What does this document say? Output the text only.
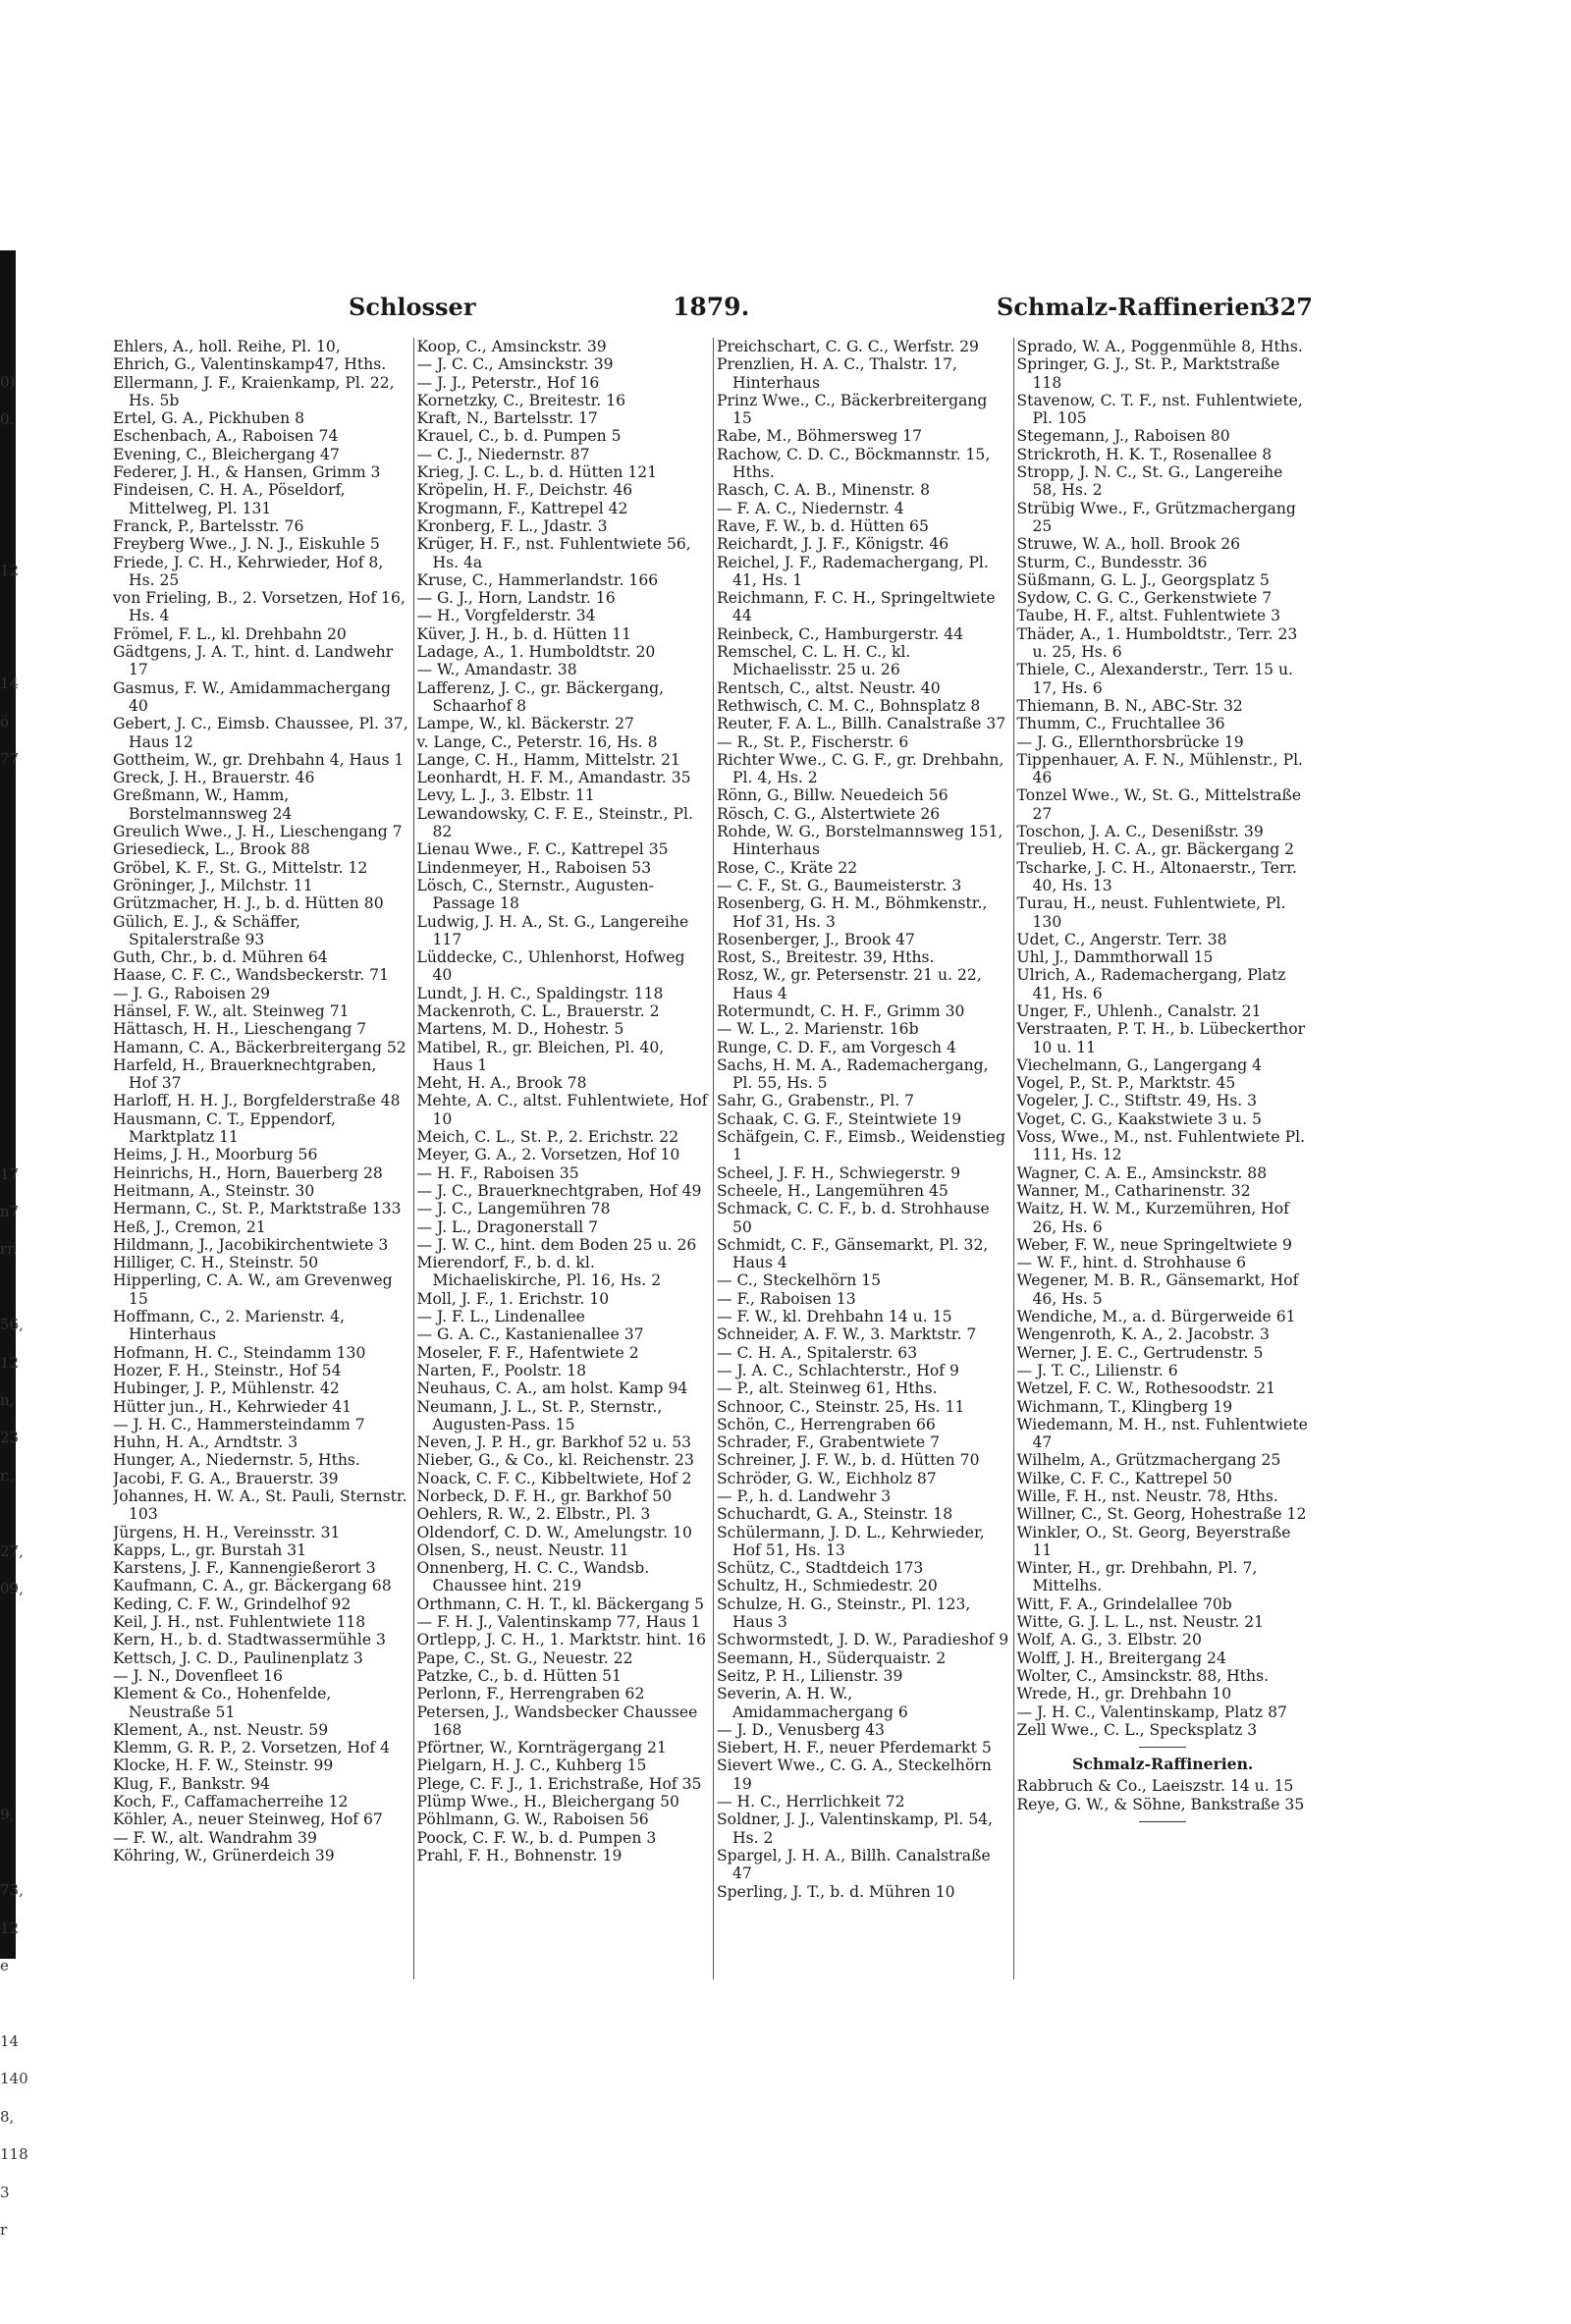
0)
0.

12

14
ö
77

17
n7
rr.

56,
12
n,
23
r.,

27,
09,

9,

73,
12
e

14
140
8,
118
3
r

Schlosser	1879.	Schmalz-Raffinerien
327
Ehlers, A., holl. Reihe, Pl. 10,
Ehrich, G., Valentinskamp47, Hths.
Ellermann, J. F., Kraienkamp, Pl. 22, Hs. 5b
Ertel, G. A., Pickhuben 8
Eschenbach, A., Raboisen 74
Evening, C., Bleichergang 47
Federer, J. H., & Hansen, Grimm 3
Findeisen, C. H. A., Pöseldorf, Mittelweg, Pl. 131
Franck, P., Bartelsstr. 76
Freyberg Wwe., J. N. J., Eiskuhle 5
Friede, J. C. H., Kehrwieder, Hof 8, Hs. 25
von Frieling, B., 2. Vorsetzen, Hof 16, Hs. 4
Frömel, F. L., kl. Drehbahn 20
Gädtgens, J. A. T., hint. d. Landwehr 17
Gasmus, F. W., Amidammachergang 40
Gebert, J. C., Eimsb. Chaussee, Pl. 37, Haus 12
Gottheim, W., gr. Drehbahn 4, Haus 1
Greck, J. H., Brauerstr. 46
Greßmann, W., Hamm, Borstelmannsweg 24
Greulich Wwe., J. H., Lieschengang 7
Griesedieck, L., Brook 88
Gröbel, K. F., St. G., Mittelstr. 12
Gröninger, J., Milchstr. 11
Grützmacher, H. J., b. d. Hütten 80
Gülich, E. J., & Schäffer, Spitalerstraße 93
Guth, Chr., b. d. Mühren 64
Haase, C. F. C., Wandsbeckerstr. 71
— J. G., Raboisen 29
Hänsel, F. W., alt. Steinweg 71
Hättasch, H. H., Lieschengang 7
Hamann, C. A., Bäckerbreitergang 52
Harfeld, H., Brauerknechtgraben, Hof 37
Harloff, H. H. J., Borgfelderstraße 48
Hausmann, C. T., Eppendorf, Marktplatz 11
Heims, J. H., Moorburg 56
Heinrichs, H., Horn, Bauerberg 28
Heitmann, A., Steinstr. 30
Hermann, C., St. P., Marktstraße 133
Heß, J., Cremon, 21
Hildmann, J., Jacobikirchentwiete 3
Hilliger, C. H., Steinstr. 50
Hipperling, C. A. W., am Grevenweg 15
Hoffmann, C., 2. Marienstr. 4, Hinterhaus
Hofmann, H. C., Steindamm 130
Hozer, F. H., Steinstr., Hof 54
Hubinger, J. P., Mühlenstr. 42
Hütter jun., H., Kehrwieder 41
— J. H. C., Hammersteindamm 7
Huhn, H. A., Arndtstr. 3
Hunger, A., Niedernstr. 5, Hths.
Jacobi, F. G. A., Brauerstr. 39
Johannes, H. W. A., St. Pauli, Sternstr. 103
Jürgens, H. H., Vereinsstr. 31
Kapps, L., gr. Burstah 31
Karstens, J. F., Kannengießerort 3
Kaufmann, C. A., gr. Bäckergang 68
Keding, C. F. W., Grindelhof 92
Keil, J. H., nst. Fuhlentwiete 118
Kern, H., b. d. Stadtwassermühle 3
Kettsch, J. C. D., Paulinenplatz 3
— J. N., Dovenfleet 16
Klement & Co., Hohenfelde, Neustraße 51
Klement, A., nst. Neustr. 59
Klemm, G. R. P., 2. Vorsetzen, Hof 4
Klocke, H. F. W., Steinstr. 99
Klug, F., Bankstr. 94
Koch, F., Caffamacherreihe 12
Köhler, A., neuer Steinweg, Hof 67
— F. W., alt. Wandrahm 39
Köhring, W., Grünerdeich 39
Koop, C., Amsinckstr. 39
— J. C. C., Amsinckstr. 39
— J. J., Peterstr., Hof 16
Kornetzky, C., Breitestr. 16
Kraft, N., Bartelsstr. 17
Krauel, C., b. d. Pumpen 5
— C. J., Niedernstr. 87
Krieg, J. C. L., b. d. Hütten 121
Kröpelin, H. F., Deichstr. 46
Krogmann, F., Kattrepel 42
Kronberg, F. L., Jdastr. 3
Krüger, H. F., nst. Fuhlentwiete 56, Hs. 4a
Kruse, C., Hammerlandstr. 166
— G. J., Horn, Landstr. 16
— H., Vorgfelderstr. 34
Küver, J. H., b. d. Hütten 11
Ladage, A., 1. Humboldtstr. 20
— W., Amandastr. 38
Lafferenz, J. C., gr. Bäckergang, Schaarhof 8
Lampe, W., kl. Bäckerstr. 27
v. Lange, C., Peterstr. 16, Hs. 8
Lange, C. H., Hamm, Mittelstr. 21
Leonhardt, H. F. M., Amandastr. 35
Levy, L. J., 3. Elbstr. 11
Lewandowsky, C. F. E., Steinstr., Pl. 82
Lienau Wwe., F. C., Kattrepel 35
Lindenmeyer, H., Raboisen 53
Lösch, C., Sternstr., Augusten-Passage 18
Ludwig, J. H. A., St. G., Langereihe 117
Lüddecke, C., Uhlenhorst, Hofweg 40
Lundt, J. H. C., Spaldingstr. 118
Mackenroth, C. L., Brauerstr. 2
Martens, M. D., Hohestr. 5
Matibel, R., gr. Bleichen, Pl. 40, Haus 1
Meht, H. A., Brook 78
Mehte, A. C., altst. Fuhlentwiete, Hof 10
Meich, C. L., St. P., 2. Erichstr. 22
Meyer, G. A., 2. Vorsetzen, Hof 10
— H. F., Raboisen 35
— J. C., Brauerknechtgraben, Hof 49
— J. C., Langemühren 78
— J. L., Dragonerstall 7
— J. W. C., hint. dem Boden 25 u. 26
Mierendorf, F., b. d. kl. Michaeliskirche, Pl. 16, Hs. 2
Moll, J. F., 1. Erichstr. 10
— J. F. L., Lindenallee
— G. A. C., Kastanienallee 37
Moseler, F. F., Hafentwiete 2
Narten, F., Poolstr. 18
Neuhaus, C. A., am holst. Kamp 94
Neumann, J. L., St. P., Sternstr., Augusten-Pass. 15
Neven, J. P. H., gr. Barkhof 52 u. 53
Nieber, G., & Co., kl. Reichenstr. 23
Noack, C. F. C., Kibbeltwiete, Hof 2
Norbeck, D. F. H., gr. Barkhof 50
Oehlers, R. W., 2. Elbstr., Pl. 3
Oldendorf, C. D. W., Amelungstr. 10
Olsen, S., neust. Neustr. 11
Onnenberg, H. C. C., Wandsb. Chaussee hint. 219
Orthmann, C. H. T., kl. Bäckergang 5
— F. H. J., Valentinskamp 77, Haus 1
Ortlepp, J. C. H., 1. Marktstr. hint. 16
Pape, C., St. G., Neuestr. 22
Patzke, C., b. d. Hütten 51
Perlonn, F., Herrengraben 62
Petersen, J., Wandsbecker Chaussee 168
Pförtner, W., Kornträgergang 21
Pielgarn, H. J. C., Kuhberg 15
Plege, C. F. J., 1. Erichstraße, Hof 35
Plümp Wwe., H., Bleichergang 50
Pöhlmann, G. W., Raboisen 56
Poock, C. F. W., b. d. Pumpen 3
Prahl, F. H., Bohnenstr. 19
Preichschart, C. G. C., Werfstr. 29
Prenzlien, H. A. C., Thalstr. 17, Hinterhaus
Prinz Wwe., C., Bäckerbreitergang 15
Rabe, M., Böhmersweg 17
Rachow, C. D. C., Böckmannstr. 15, Hths.
Rasch, C. A. B., Minenstr. 8
— F. A. C., Niedernstr. 4
Rave, F. W., b. d. Hütten 65
Reichardt, J. J. F., Königstr. 46
Reichel, J. F., Rademachergang, Pl. 41, Hs. 1
Reichmann, F. C. H., Springeltwiete 44
Reinbeck, C., Hamburgerstr. 44
Remschel, C. L. H. C., kl. Michaelisstr. 25 u. 26
Rentsch, C., altst. Neustr. 40
Rethwisch, C. M. C., Bohnsplatz 8
Reuter, F. A. L., Billh. Canalstraße 37
— R., St. P., Fischerstr. 6
Richter Wwe., C. G. F., gr. Drehbahn, Pl. 4, Hs. 2
Rönn, G., Billw. Neuedeich 56
Rösch, C. G., Alstertwiete 26
Rohde, W. G., Borstelmannsweg 151, Hinterhaus
Rose, C., Kräte 22
— C. F., St. G., Baumeisterstr. 3
Rosenberg, G. H. M., Böhmkenstr., Hof 31, Hs. 3
Rosenberger, J., Brook 47
Rost, S., Breitestr. 39, Hths.
Rosz, W., gr. Petersenstr. 21 u. 22, Haus 4
Rotermundt, C. H. F., Grimm 30
— W. L., 2. Marienstr. 16b
Runge, C. D. F., am Vorgesch 4
Sachs, H. M. A., Rademachergang, Pl. 55, Hs. 5
Sahr, G., Grabenstr., Pl. 7
Schaak, C. G. F., Steintwiete 19
Schäfgein, C. F., Eimsb., Weidenstieg 1
Scheel, J. F. H., Schwiegerstr. 9
Scheele, H., Langemühren 45
Schmack, C. C. F., b. d. Strohhause 50
Schmidt, C. F., Gänsemarkt, Pl. 32, Haus 4
— C., Steckelhörn 15
— F., Raboisen 13
— F. W., kl. Drehbahn 14 u. 15
Schneider, A. F. W., 3. Marktstr. 7
— C. H. A., Spitalerstr. 63
— J. A. C., Schlachterstr., Hof 9
— P., alt. Steinweg 61, Hths.
Schnoor, C., Steinstr. 25, Hs. 11
Schön, C., Herrengraben 66
Schrader, F., Grabentwiete 7
Schreiner, J. F. W., b. d. Hütten 70
Schröder, G. W., Eichholz 87
— P., h. d. Landwehr 3
Schuchardt, G. A., Steinstr. 18
Schülermann, J. D. L., Kehrwieder, Hof 51, Hs. 13
Schütz, C., Stadtdeich 173
Schultz, H., Schmiedestr. 20
Schulze, H. G., Steinstr., Pl. 123, Haus 3
Schwormstedt, J. D. W., Paradieshof 9
Seemann, H., Süderquaistr. 2
Seitz, P. H., Lilienstr. 39
Severin, A. H. W., Amidammachergang 6
— J. D., Venusberg 43
Siebert, H. F., neuer Pferdemarkt 5
Sievert Wwe., C. G. A., Steckelhörn 19
— H. C., Herrlichkeit 72
Soldner, J. J., Valentinskamp, Pl. 54, Hs. 2
Spargel, J. H. A., Billh. Canalstraße 47
Sperling, J. T., b. d. Mühren 10
Sprado, W. A., Poggenmühle 8, Hths.
Springer, G. J., St. P., Marktstraße 118
Stavenow, C. T. F., nst. Fuhlentwiete, Pl. 105
Stegemann, J., Raboisen 80
Strickroth, H. K. T., Rosenallee 8
Stropp, J. N. C., St. G., Langereihe 58, Hs. 2
Strübig Wwe., F., Grützmachergang 25
Struwe, W. A., holl. Brook 26
Sturm, C., Bundesstr. 36
Süßmann, G. L. J., Georgsplatz 5
Sydow, C. G. C., Gerkenstwiete 7
Taube, H. F., altst. Fuhlentwiete 3
Thäder, A., 1. Humboldtstr., Terr. 23 u. 25, Hs. 6
Thiele, C., Alexanderstr., Terr. 15 u. 17, Hs. 6
Thiemann, B. N., ABC-Str. 32
Thumm, C., Fruchtallee 36
— J. G., Ellernthorsbrücke 19
Tippenhauer, A. F. N., Mühlenstr., Pl. 46
Tonzel Wwe., W., St. G., Mittelstraße 27
Toschon, J. A. C., Desenißstr. 39
Treulieb, H. C. A., gr. Bäckergang 2
Tscharke, J. C. H., Altonaerstr., Terr. 40, Hs. 13
Turau, H., neust. Fuhlentwiete, Pl. 130
Udet, C., Angerstr. Terr. 38
Uhl, J., Dammthorwall 15
Ulrich, A., Rademachergang, Platz 41, Hs. 6
Unger, F., Uhlenh., Canalstr. 21
Verstraaten, P. T. H., b. Lübeckerthor 10 u. 11
Viechelmann, G., Langergang 4
Vogel, P., St. P., Marktstr. 45
Vogeler, J. C., Stiftstr. 49, Hs. 3
Voget, C. G., Kaakstwiete 3 u. 5
Voss, Wwe., M., nst. Fuhlentwiete Pl. 111, Hs. 12
Wagner, C. A. E., Amsinckstr. 88
Wanner, M., Catharinenstr. 32
Waitz, H. W. M., Kurzemühren, Hof 26, Hs. 6
Weber, F. W., neue Springeltwiete 9
— W. F., hint. d. Strohhause 6
Wegener, M. B. R., Gänsemarkt, Hof 46, Hs. 5
Wendiche, M., a. d. Bürgerweide 61
Wengenroth, K. A., 2. Jacobstr. 3
Werner, J. E. C., Gertrudenstr. 5
— J. T. C., Lilienstr. 6
Wetzel, F. C. W., Rothesoodstr. 21
Wichmann, T., Klingberg 19
Wiedemann, M. H., nst. Fuhlentwiete 47
Wilhelm, A., Grützmachergang 25
Wilke, C. F. C., Kattrepel 50
Wille, F. H., nst. Neustr. 78, Hths.
Willner, C., St. Georg, Hohestraße 12
Winkler, O., St. Georg, Beyerstraße 11
Winter, H., gr. Drehbahn, Pl. 7, Mittelhs.
Witt, F. A., Grindelallee 70b
Witte, G. J. L. L., nst. Neustr. 21
Wolf, A. G., 3. Elbstr. 20
Wolff, J. H., Breitergang 24
Wolter, C., Amsinckstr. 88, Hths.
Wrede, H., gr. Drehbahn 10
— J. H. C., Valentinskamp, Platz 87
Zell Wwe., C. L., Specksplatz 3
Schmalz-Raffinerien.
Rabbruch & Co., Laeiszstr. 14 u. 15
Reye, G. W., & Söhne, Bankstraße 35
